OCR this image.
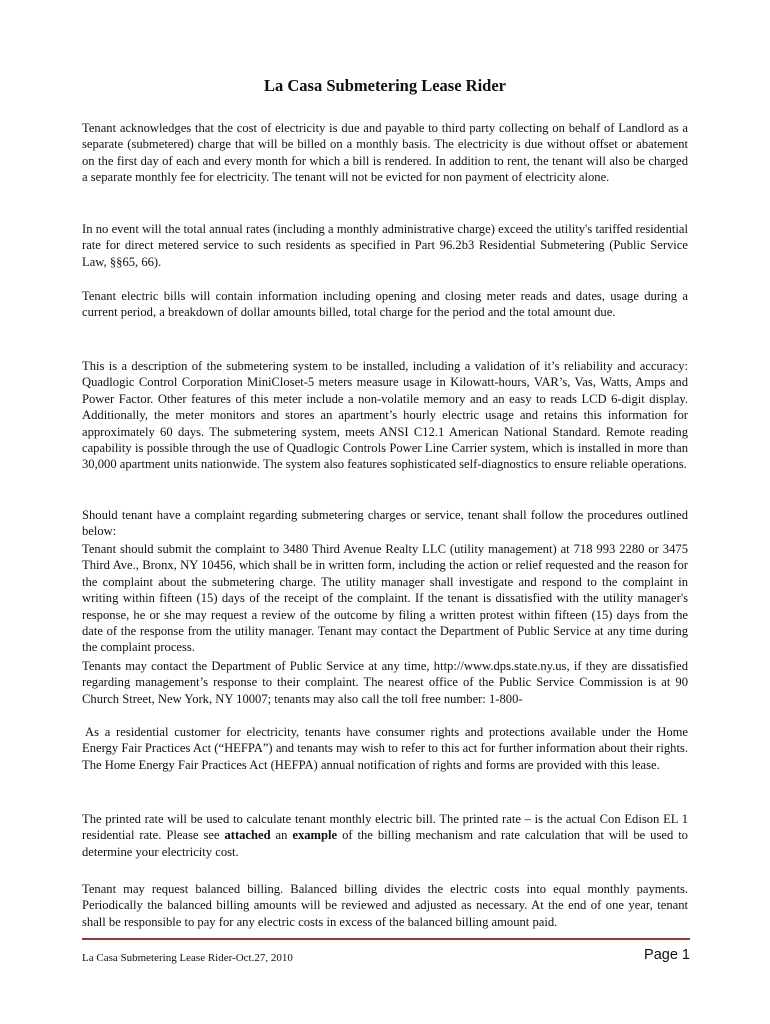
La Casa Submetering Lease Rider

Tenant acknowledges that the cost of electricity is due and payable to third party collecting on behalf of Landlord as a separate (submetered) charge that will be billed on a monthly basis. The electricity is due without offset or abatement on the first day of each and every month for which a bill is rendered. In addition to rent, the tenant will also be charged a separate monthly fee for electricity. The tenant will not be evicted for non payment of electricity alone.

In no event will the total annual rates (including a monthly administrative charge) exceed the utility's tariffed residential rate for direct metered service to such residents as specified in Part 96.2b3 Residential Submetering (Public Service Law, §§65, 66).

Tenant electric bills will contain information including opening and closing meter reads and dates, usage during a current period, a breakdown of dollar amounts billed, total charge for the period and the total amount due.

This is a description of the submetering system to be installed, including a validation of it’s reliability and accuracy: Quadlogic Control Corporation MiniCloset-5 meters measure usage in Kilowatt-hours, VAR’s, Vas, Watts, Amps and Power Factor. Other features of this meter include a non-volatile memory and an easy to reads LCD 6-digit display. Additionally, the meter monitors and stores an apartment’s hourly electric usage and retains this information for approximately 60 days. The submetering system, meets ANSI C12.1 American National Standard. Remote reading capability is possible through the use of Quadlogic Controls Power Line Carrier system, which is installed in more than 30,000 apartment units nationwide. The system also features sophisticated self-diagnostics to ensure reliable operations.

Should tenant have a complaint regarding submetering charges or service, tenant shall follow the procedures outlined below:

Tenant should submit the complaint to 3480 Third Avenue Realty LLC (utility management) at 718 993 2280 or 3475 Third Ave., Bronx, NY 10456, which shall be in written form, including the action or relief requested and the reason for the complaint about the submetering charge. The utility manager shall investigate and respond to the complaint in writing within fifteen (15) days of the receipt of the complaint. If the tenant is dissatisfied with the utility manager's response, he or she may request a review of the outcome by filing a written protest within fifteen (15) days from the date of the response from the utility manager. Tenant may contact the Department of Public Service at any time during the complaint process.

Tenants may contact the Department of Public Service at any time, http://www.dps.state.ny.us, if they are dissatisfied regarding management’s response to their complaint. The nearest office of the Public Service Commission is at 90 Church Street, New York, NY 10007; tenants may also call the toll free number: 1-800-

As a residential customer for electricity, tenants have consumer rights and protections available under the Home Energy Fair Practices Act (“HEFPA”) and tenants may wish to refer to this act for further information about their rights. The Home Energy Fair Practices Act (HEFPA) annual notification of rights and forms are provided with this lease.

The printed rate will be used to calculate tenant monthly electric bill. The printed rate – is the actual Con Edison EL 1 residential rate. Please see attached an example of the billing mechanism and rate calculation that will be used to determine your electricity cost.

Tenant may request balanced billing. Balanced billing divides the electric costs into equal monthly payments. Periodically the balanced billing amounts will be reviewed and adjusted as necessary. At the end of one year, tenant shall be responsible to pay for any electric costs in excess of the balanced billing amount paid.

La Casa Submetering Lease Rider-Oct.27, 2010	Page 1
